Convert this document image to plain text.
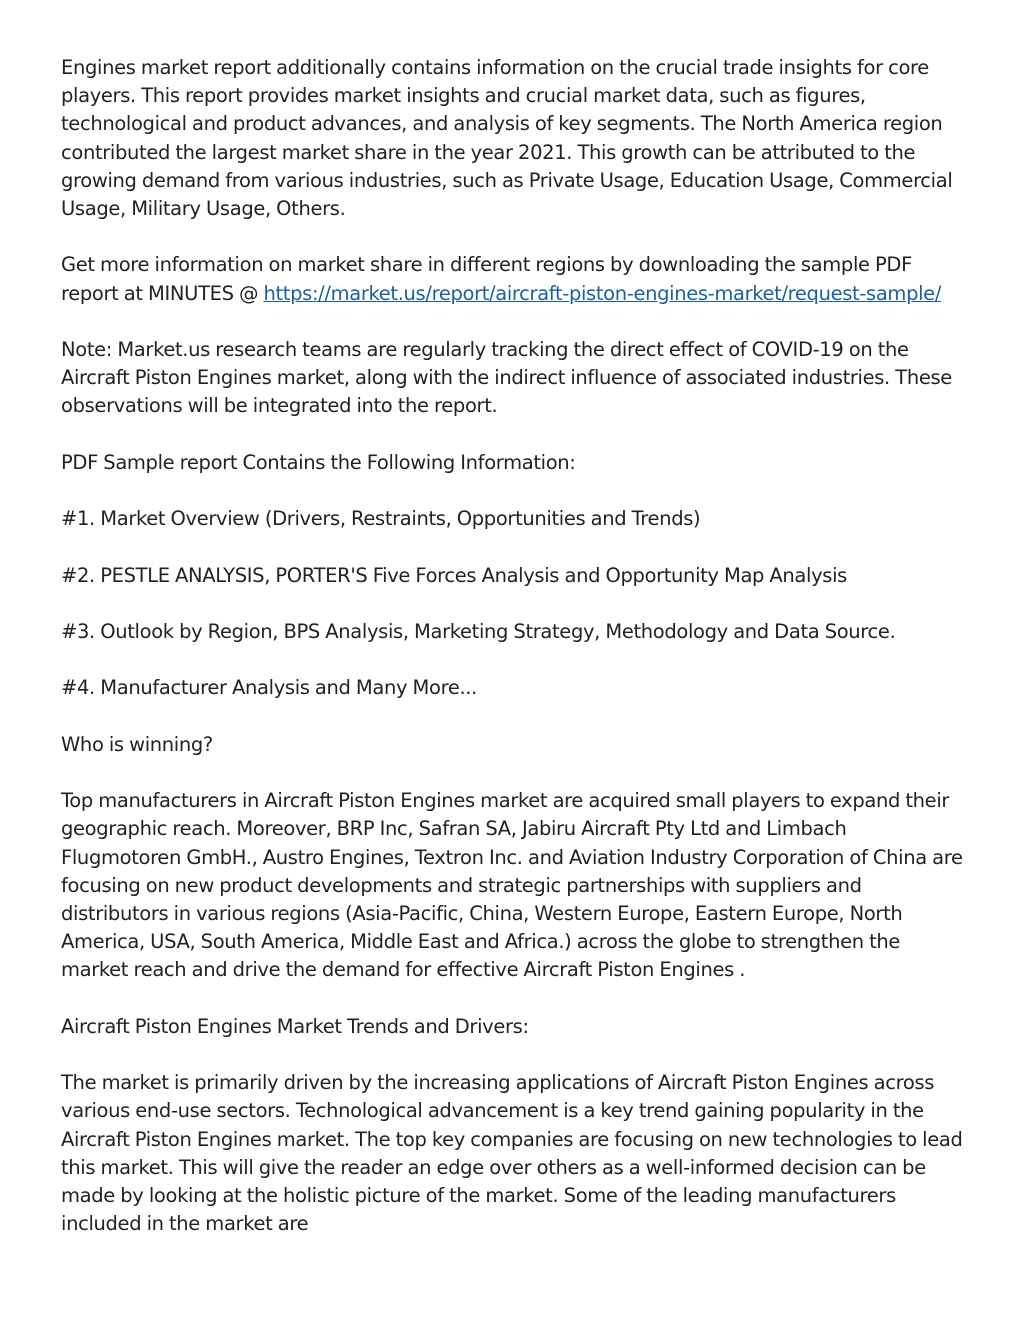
Engines market report additionally contains information on the crucial trade insights for core players. This report provides market insights and crucial market data, such as figures, technological and product advances, and analysis of key segments. The North America region contributed the largest market share in the year 2021. This growth can be attributed to the growing demand from various industries, such as Private Usage, Education Usage, Commercial Usage, Military Usage, Others.

Get more information on market share in different regions by downloading the sample PDF report at MINUTES @ https://market.us/report/aircraft-piston-engines-market/request-sample/

Note: Market.us research teams are regularly tracking the direct effect of COVID-19 on the Aircraft Piston Engines market, along with the indirect influence of associated industries. These observations will be integrated into the report.

PDF Sample report Contains the Following Information:

#1. Market Overview (Drivers, Restraints, Opportunities and Trends)

#2. PESTLE ANALYSIS, PORTER'S Five Forces Analysis and Opportunity Map Analysis

#3. Outlook by Region, BPS Analysis, Marketing Strategy, Methodology and Data Source.

#4. Manufacturer Analysis and Many More...

Who is winning?

Top manufacturers in Aircraft Piston Engines market are acquired small players to expand their geographic reach. Moreover, BRP Inc, Safran SA, Jabiru Aircraft Pty Ltd and Limbach Flugmotoren GmbH., Austro Engines, Textron Inc. and Aviation Industry Corporation of China are focusing on new product developments and strategic partnerships with suppliers and distributors in various regions (Asia-Pacific, China, Western Europe, Eastern Europe, North America, USA, South America, Middle East and Africa.) across the globe to strengthen the market reach and drive the demand for effective Aircraft Piston Engines .

Aircraft Piston Engines Market Trends and Drivers:

The market is primarily driven by the increasing applications of Aircraft Piston Engines across various end-use sectors. Technological advancement is a key trend gaining popularity in the Aircraft Piston Engines market. The top key companies are focusing on new technologies to lead this market. This will give the reader an edge over others as a well-informed decision can be made by looking at the holistic picture of the market. Some of the leading manufacturers included in the market are
